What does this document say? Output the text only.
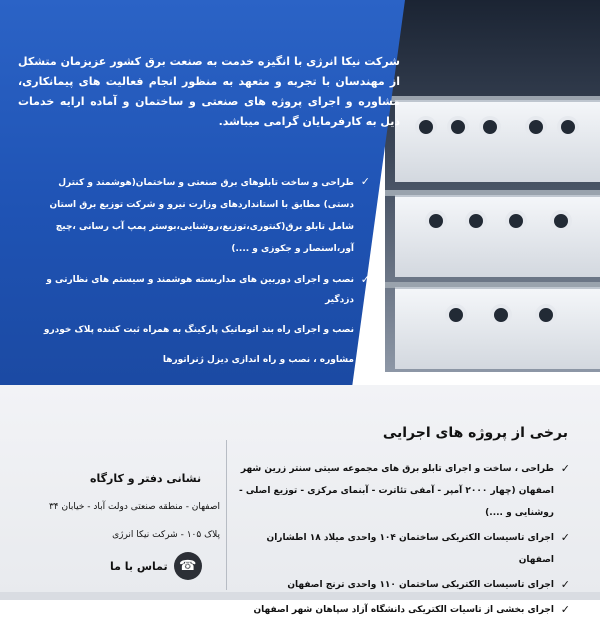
شرکت نیکا انرژی با انگیزه خدمت به صنعت برق کشور عزیزمان متشکل از مهندسان با تجربه و متعهد به منظور انجام فعالیت های پیمانکاری، مشاوره و اجرای پروژه های صنعتی و ساختمان و آماده ارایه خدمات ذیل به کارفرمایان گرامی میباشد.

✓
طراحی و ساخت تابلوهای برق صنعتی و ساختمان(هوشمند و کنترل دستی) مطابق با استانداردهای وزارت نیرو و شرکت توزیع برق استان شامل تابلو برق(کنتوری،توزیع،روشنایی،بوستر پمپ آب رسانی ،چیچ آور،اسنصار و جکوزی و ....)
✓
نصب و اجرای دوربین های مداربسته هوشمند و سیستم های نظارتی و دزدگیر
✓
نصب و اجرای راه بند اتوماتیک پارکینگ به همراه ثبت کننده پلاک خودرو
✓
مشاوره ، نصب و راه اندازی دیزل ژنراتورها
برخی از پروژه های اجرایی
✓
طراحی ، ساخت و اجرای تابلو برق های مجموعه سیتی سنتر زرین شهر اصفهان (چهار ۲۰۰۰ آمپر - آمفی تئاترت - آبنمای مرکزی - توزیع اصلی - روشنایی و ....)
✓
اجرای تاسیسات الکتریکی ساختمان ۱۰۴ واحدی میلاد ۱۸ اطشاران اصفهان
✓
اجرای تاسیسات الکتریکی ساختمان ۱۱۰ واحدی ترنج اصفهان
✓
اجرای بخشی از تاسیات الکتریکی دانشگاه آزاد سپاهان شهر اصفهان
نشانی دفتر و کارگاه
اصفهان - منطقه صنعتی دولت آباد - خیابان ۳۴
پلاک ۱۰۵ - شرکت نیکا انرژی
☎
تماس با ما
